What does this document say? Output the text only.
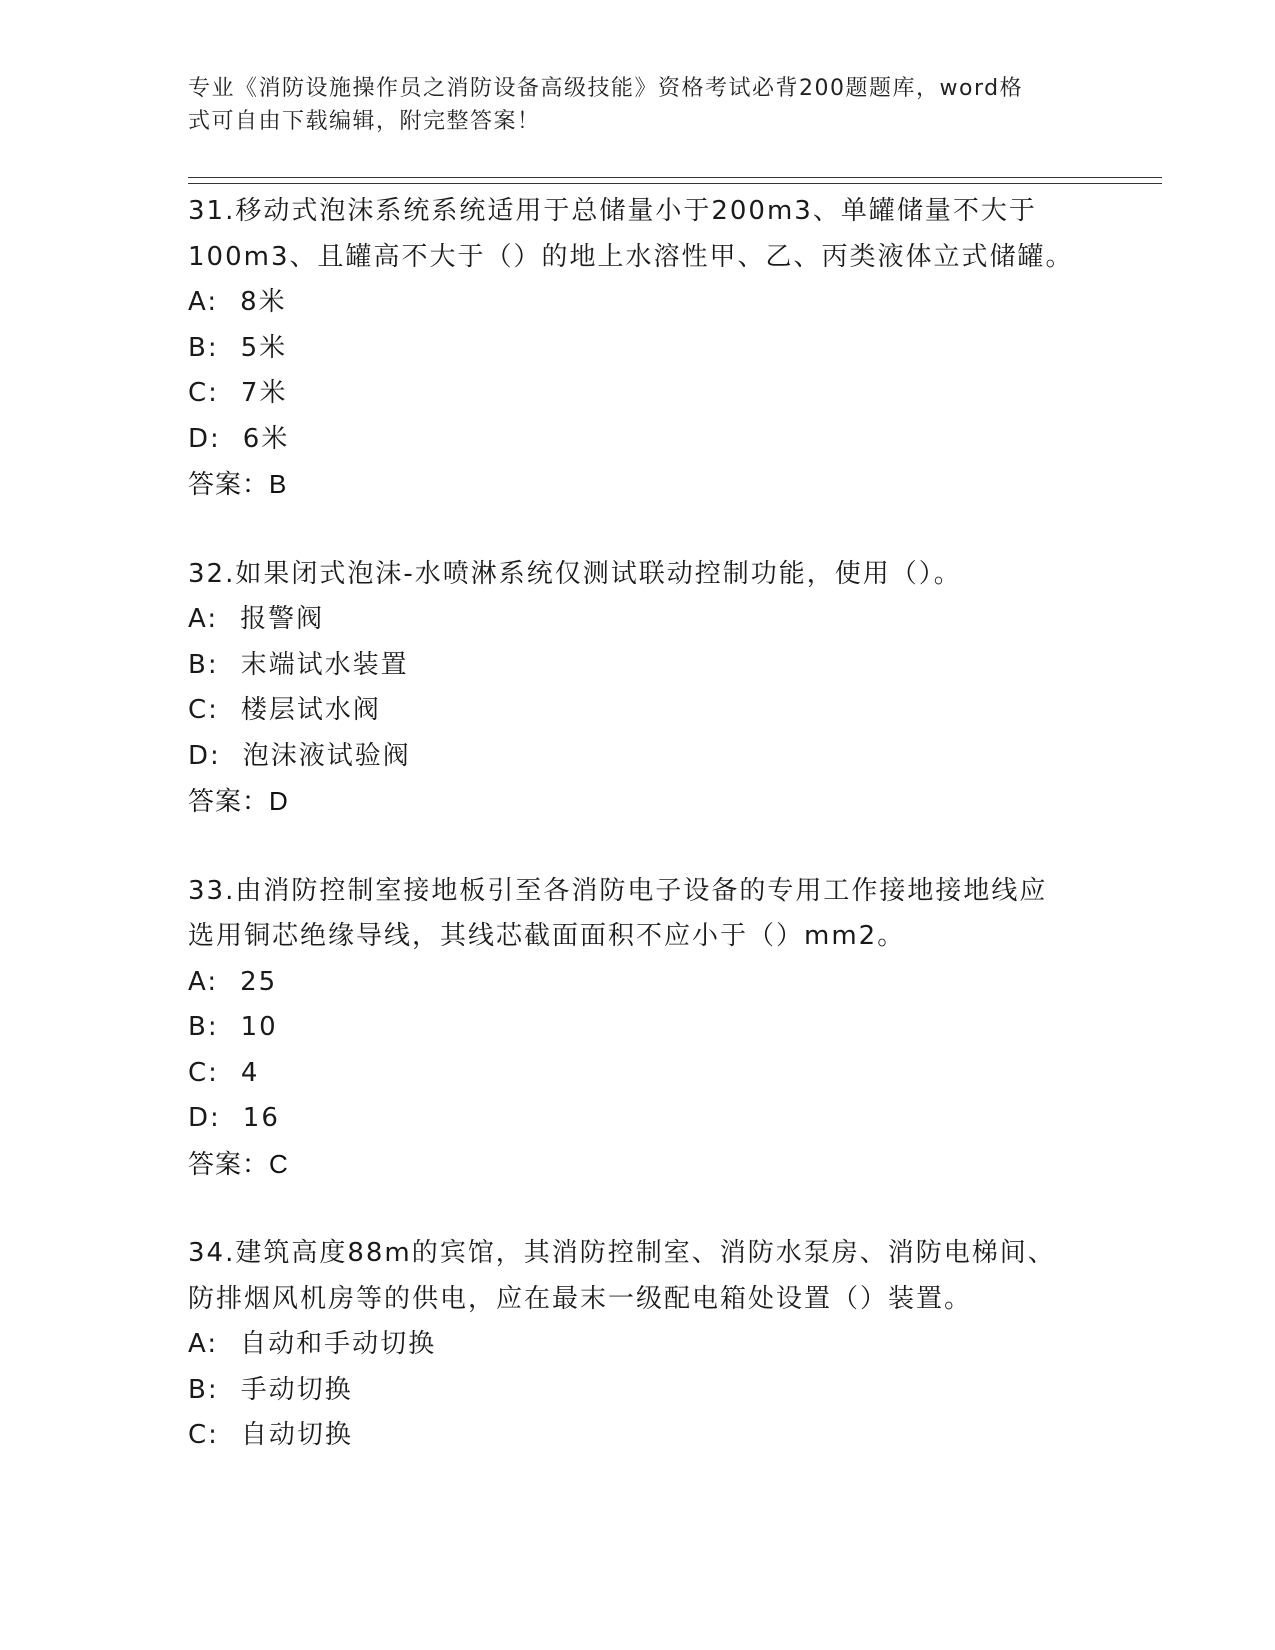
专业《消防设施操作员之消防设备高级技能》资格考试必背200题题库，word格
式可自由下载编辑，附完整答案！
31.移动式泡沫系统系统适用于总储量小于200m3、单罐储量不大于
100m3、且罐高不大于（）的地上水溶性甲、乙、丙类液体立式储罐。
A: 8米
B: 5米
C: 7米
D: 6米
答案：B
32.如果闭式泡沫-水喷淋系统仅测试联动控制功能，使用（）。
A: 报警阀
B: 末端试水装置
C: 楼层试水阀
D: 泡沫液试验阀
答案：D
33.由消防控制室接地板引至各消防电子设备的专用工作接地接地线应
选用铜芯绝缘导线，其线芯截面面积不应小于（）mm2。
A: 25
B: 10
C: 4
D: 16
答案：C
34.建筑高度88m的宾馆，其消防控制室、消防水泵房、消防电梯间、
防排烟风机房等的供电，应在最末一级配电箱处设置（）装置。
A: 自动和手动切换
B: 手动切换
C: 自动切换
